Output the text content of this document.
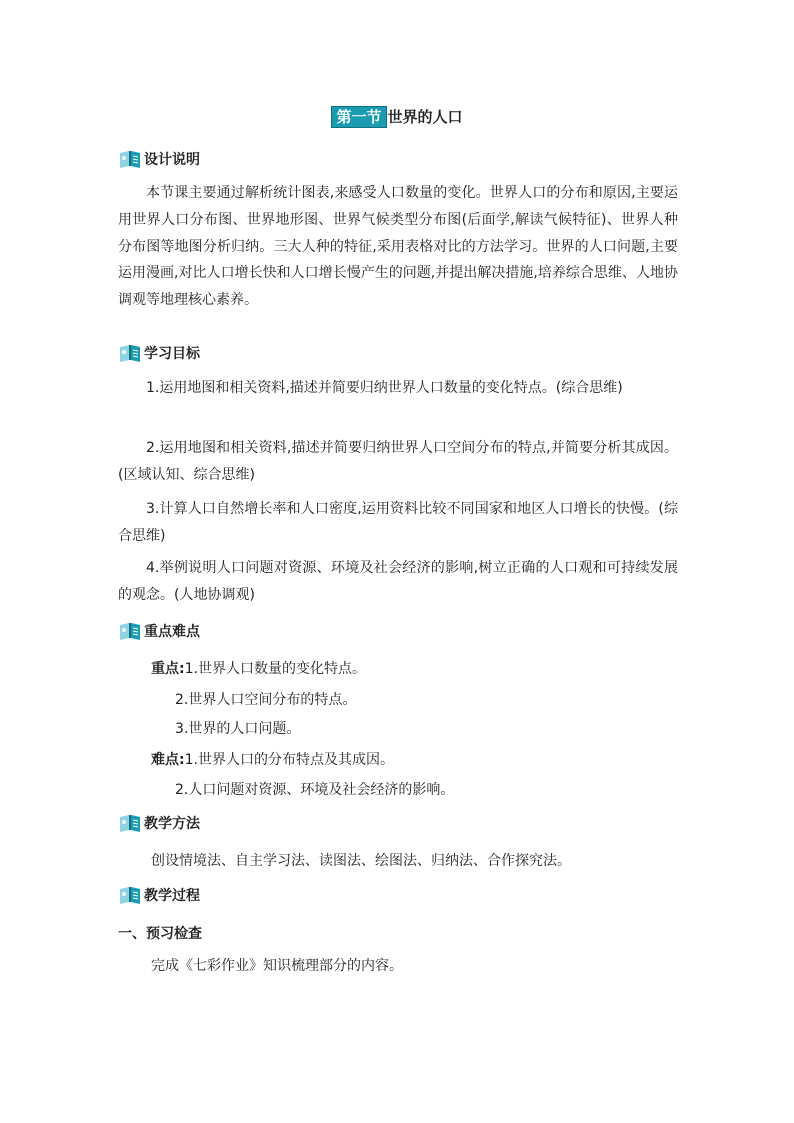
第一节 世界的人口
设计说明
本节课主要通过解析统计图表,来感受人口数量的变化。世界人口的分布和原因,主要运用世界人口分布图、世界地形图、世界气候类型分布图(后面学,解读气候特征)、世界人种分布图等地图分析归纳。三大人种的特征,采用表格对比的方法学习。世界的人口问题,主要运用漫画,对比人口增长快和人口增长慢产生的问题,并提出解决措施,培养综合思维、人地协调观等地理核心素养。
学习目标
1.运用地图和相关资料,描述并简要归纳世界人口数量的变化特点。(综合思维)
2.运用地图和相关资料,描述并简要归纳世界人口空间分布的特点,并简要分析其成因。(区域认知、综合思维)
3.计算人口自然增长率和人口密度,运用资料比较不同国家和地区人口增长的快慢。(综合思维)
4.举例说明人口问题对资源、环境及社会经济的影响,树立正确的人口观和可持续发展的观念。(人地协调观)
重点难点
重点:1.世界人口数量的变化特点。
2.世界人口空间分布的特点。
3.世界的人口问题。
难点:1.世界人口的分布特点及其成因。
2.人口问题对资源、环境及社会经济的影响。
教学方法
创设情境法、自主学习法、读图法、绘图法、归纳法、合作探究法。
教学过程
一、预习检查
完成《七彩作业》知识梳理部分的内容。
